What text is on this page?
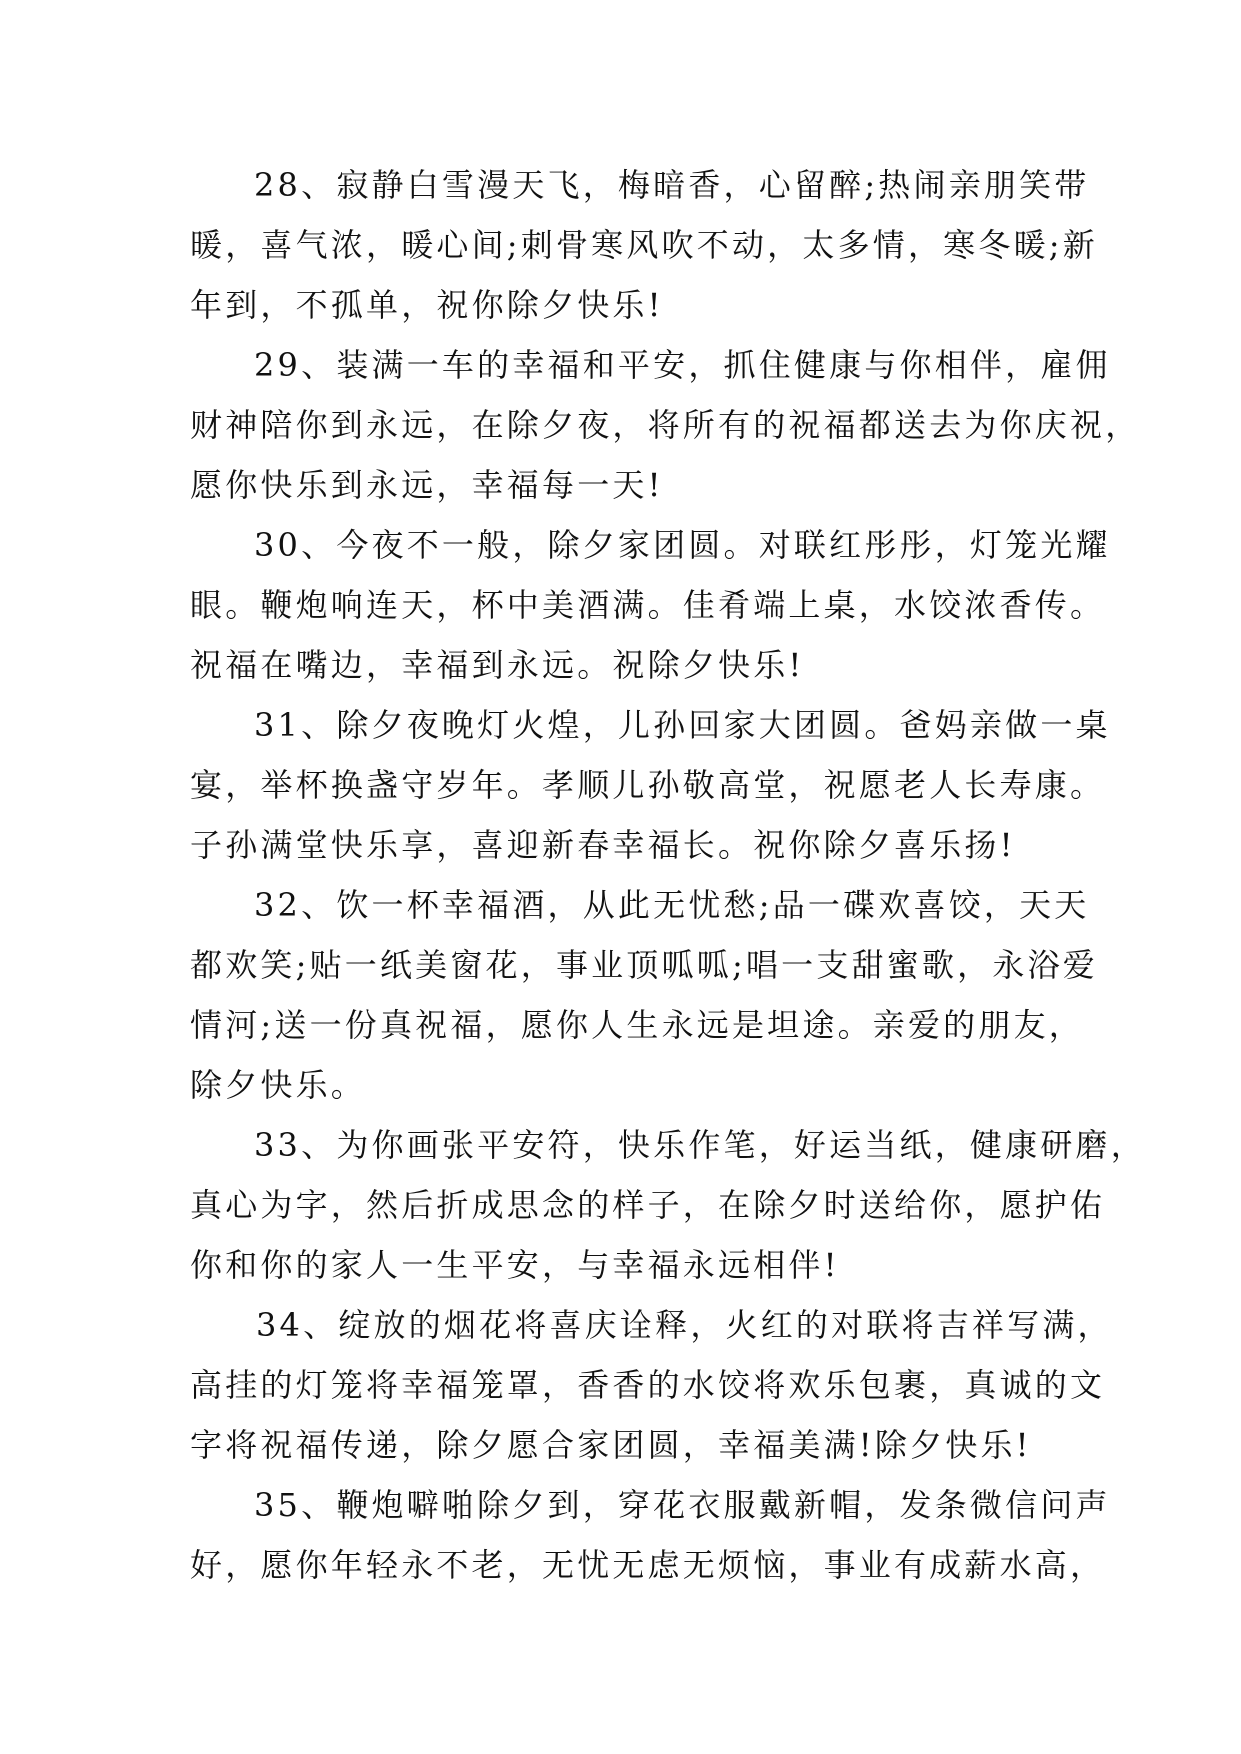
28、寂静白雪漫天飞，梅暗香，心留醉;热闹亲朋笑带
暖，喜气浓，暖心间;刺骨寒风吹不动，太多情，寒冬暖;新
年到，不孤单，祝你除夕快乐!
29、装满一车的幸福和平安，抓住健康与你相伴，雇佣
财神陪你到永远，在除夕夜，将所有的祝福都送去为你庆祝，
愿你快乐到永远，幸福每一天!
30、今夜不一般，除夕家团圆。对联红彤彤，灯笼光耀
眼。鞭炮响连天，杯中美酒满。佳肴端上桌，水饺浓香传。
祝福在嘴边，幸福到永远。祝除夕快乐!
31、除夕夜晚灯火煌，儿孙回家大团圆。爸妈亲做一桌
宴，举杯换盏守岁年。孝顺儿孙敬高堂，祝愿老人长寿康。
子孙满堂快乐享，喜迎新春幸福长。祝你除夕喜乐扬!
32、饮一杯幸福酒，从此无忧愁;品一碟欢喜饺，天天
都欢笑;贴一纸美窗花，事业顶呱呱;唱一支甜蜜歌，永浴爱
情河;送一份真祝福，愿你人生永远是坦途。亲爱的朋友，
除夕快乐。
33、为你画张平安符，快乐作笔，好运当纸，健康研磨，
真心为字，然后折成思念的样子，在除夕时送给你，愿护佑
你和你的家人一生平安，与幸福永远相伴!
34、绽放的烟花将喜庆诠释，火红的对联将吉祥写满，
高挂的灯笼将幸福笼罩，香香的水饺将欢乐包裹，真诚的文
字将祝福传递，除夕愿合家团圆，幸福美满!除夕快乐!
35、鞭炮噼啪除夕到，穿花衣服戴新帽，发条微信问声
好，愿你年轻永不老，无忧无虑无烦恼，事业有成薪水高，
